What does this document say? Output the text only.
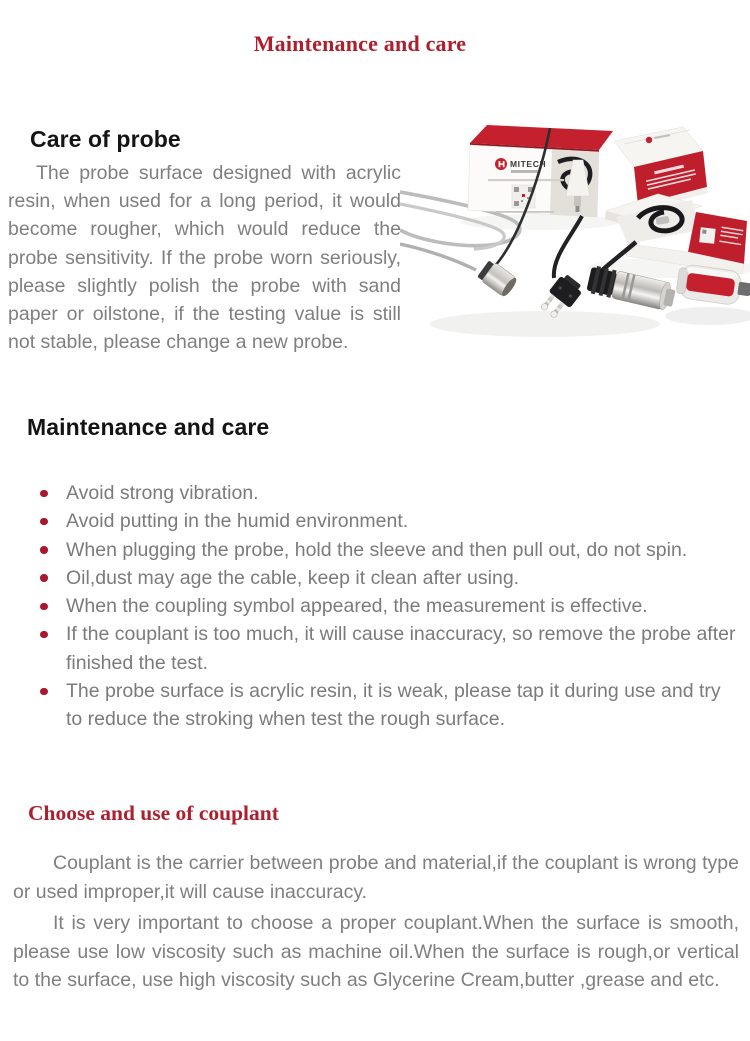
Maintenance and care
Care of probe

The probe surface designed with acrylic resin, when used for a long period, it would become rougher, which would reduce the probe sensitivity. If the probe worn seriously, please slightly polish the probe with sand paper or oilstone, if the testing value is still not stable, please change a new probe.

MITECH
Maintenance and care
Avoid strong vibration.
Avoid putting in the humid environment.
When plugging the probe, hold the sleeve and then pull out, do not spin.
Oil,dust may age the cable, keep it clean after using.
When the coupling symbol appeared, the measurement is effective.
If the couplant is too much, it will cause inaccuracy, so remove the probe after finished the test.
The probe surface is acrylic resin, it is weak, please tap it during use and try to reduce the stroking when test the rough surface.
Choose and use of couplant

Couplant is the carrier between probe and material,if the couplant is wrong type or used improper,it will cause inaccuracy.

It is very important to choose a proper couplant.When the surface is smooth, please use low viscosity such as machine oil.When the surface is rough,or vertical to the surface, use high viscosity such as Glycerine Cream,butter ,grease and etc.
